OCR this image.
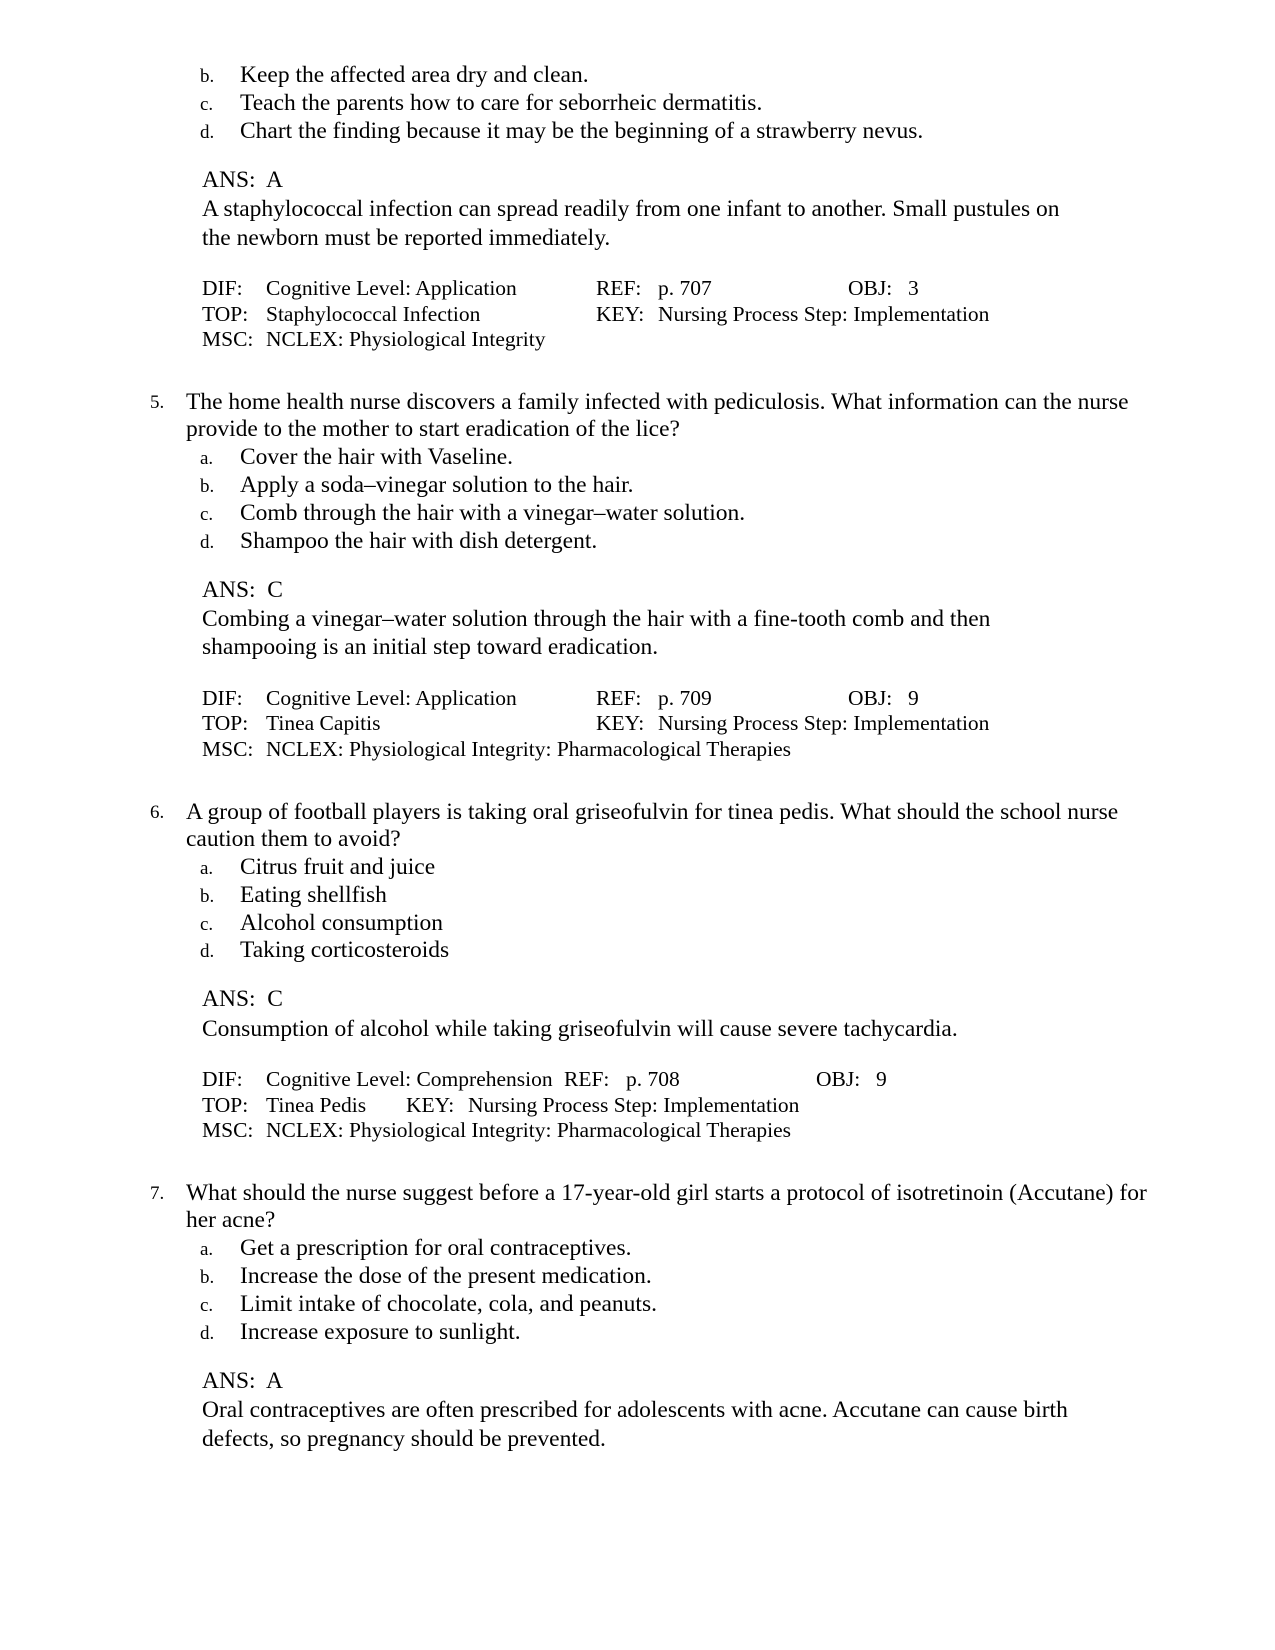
b.	Keep the affected area dry and clean.
c.	Teach the parents how to care for seborrheic dermatitis.
d.	Chart the finding because it may be the beginning of a strawberry nevus.
ANS: A
A staphylococcal infection can spread readily from one infant to another. Small pustules on the newborn must be reported immediately.
DIF:	Cognitive Level: Application	REF: p. 707	OBJ: 3
TOP: Staphylococcal Infection	KEY: Nursing Process Step: Implementation
MSC: NCLEX: Physiological Integrity
5. The home health nurse discovers a family infected with pediculosis. What information can the nurse provide to the mother to start eradication of the lice?
a.	Cover the hair with Vaseline.
b.	Apply a soda–vinegar solution to the hair.
c.	Comb through the hair with a vinegar–water solution.
d.	Shampoo the hair with dish detergent.
ANS: C
Combing a vinegar–water solution through the hair with a fine-tooth comb and then shampooing is an initial step toward eradication.
DIF:	Cognitive Level: Application	REF: p. 709	OBJ: 9
TOP: Tinea Capitis	KEY: Nursing Process Step: Implementation
MSC: NCLEX: Physiological Integrity: Pharmacological Therapies
6. A group of football players is taking oral griseofulvin for tinea pedis. What should the school nurse caution them to avoid?
a.	Citrus fruit and juice
b.	Eating shellfish
c.	Alcohol consumption
d.	Taking corticosteroids
ANS: C
Consumption of alcohol while taking griseofulvin will cause severe tachycardia.
DIF:	Cognitive Level: Comprehension REF: p. 708	OBJ: 9
TOP: Tinea Pedis	KEY: Nursing Process Step: Implementation
MSC: NCLEX: Physiological Integrity: Pharmacological Therapies
7. What should the nurse suggest before a 17-year-old girl starts a protocol of isotretinoin (Accutane) for her acne?
a.	Get a prescription for oral contraceptives.
b.	Increase the dose of the present medication.
c.	Limit intake of chocolate, cola, and peanuts.
d.	Increase exposure to sunlight.
ANS: A
Oral contraceptives are often prescribed for adolescents with acne. Accutane can cause birth defects, so pregnancy should be prevented.
